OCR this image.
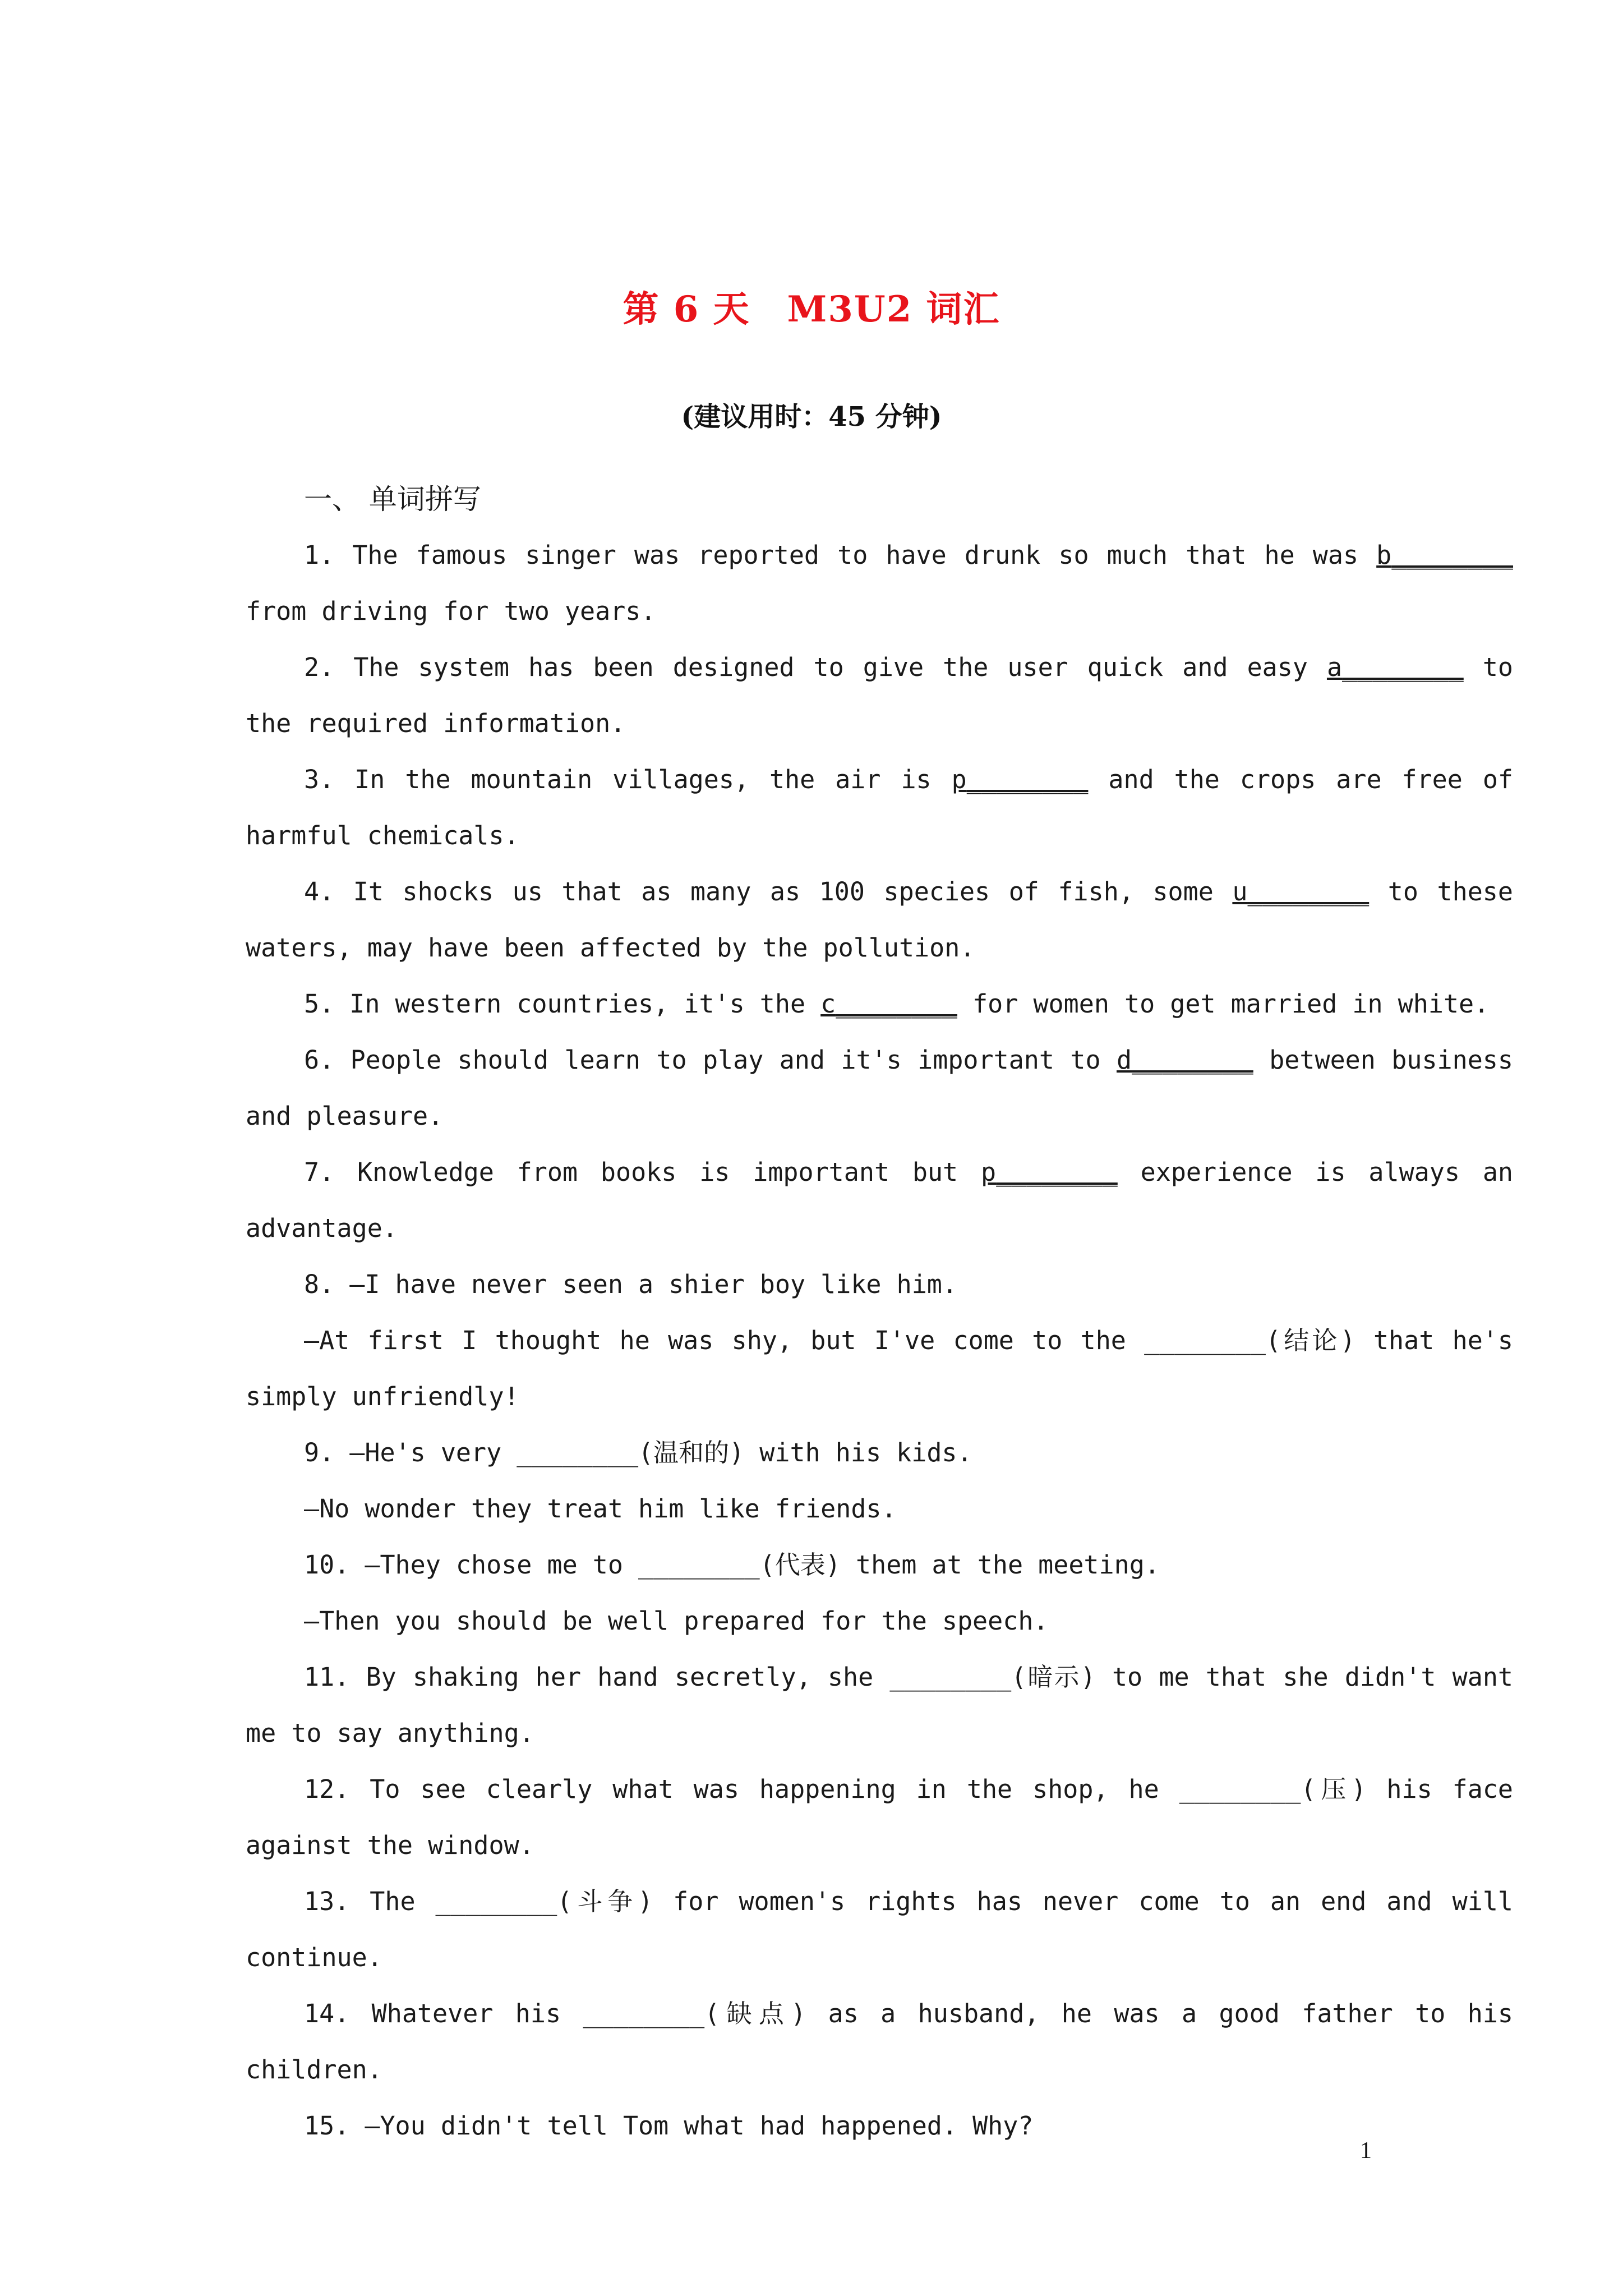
第 6 天　M3U2 词汇
(建议用时：45 分钟)
一、 单词拼写
1. The famous singer was reported to have drunk so much that he was b________ from driving for two years.
2. The system has been designed to give the user quick and easy a________ to the required information.
3. In the mountain villages, the air is p________ and the crops are free of harmful chemicals.
4. It shocks us that as many as 100 species of fish, some u________ to these waters, may have been affected by the pollution.
5. In western countries, it's the c________ for women to get married in white.
6. People should learn to play and it's important to d________ between business and pleasure.
7. Knowledge from books is important but p________ experience is always an advantage.
8. —I have never seen a shier boy like him.
—At first I thought he was shy, but I've come to the ________(结论) that he's simply unfriendly!
9. —He's very ________(温和的) with his kids.
—No wonder they treat him like friends.
10. —They chose me to ________(代表) them at the meeting.
—Then you should be well prepared for the speech.
11. By shaking her hand secretly, she ________(暗示) to me that she didn't want me to say anything.
12. To see clearly what was happening in the shop, he ________(压) his face against the window.
13. The ________(斗争) for women's rights has never come to an end and will continue.
14. Whatever his ________(缺点) as a husband, he was a good father to his children.
15. —You didn't tell Tom what had happened. Why?
1
